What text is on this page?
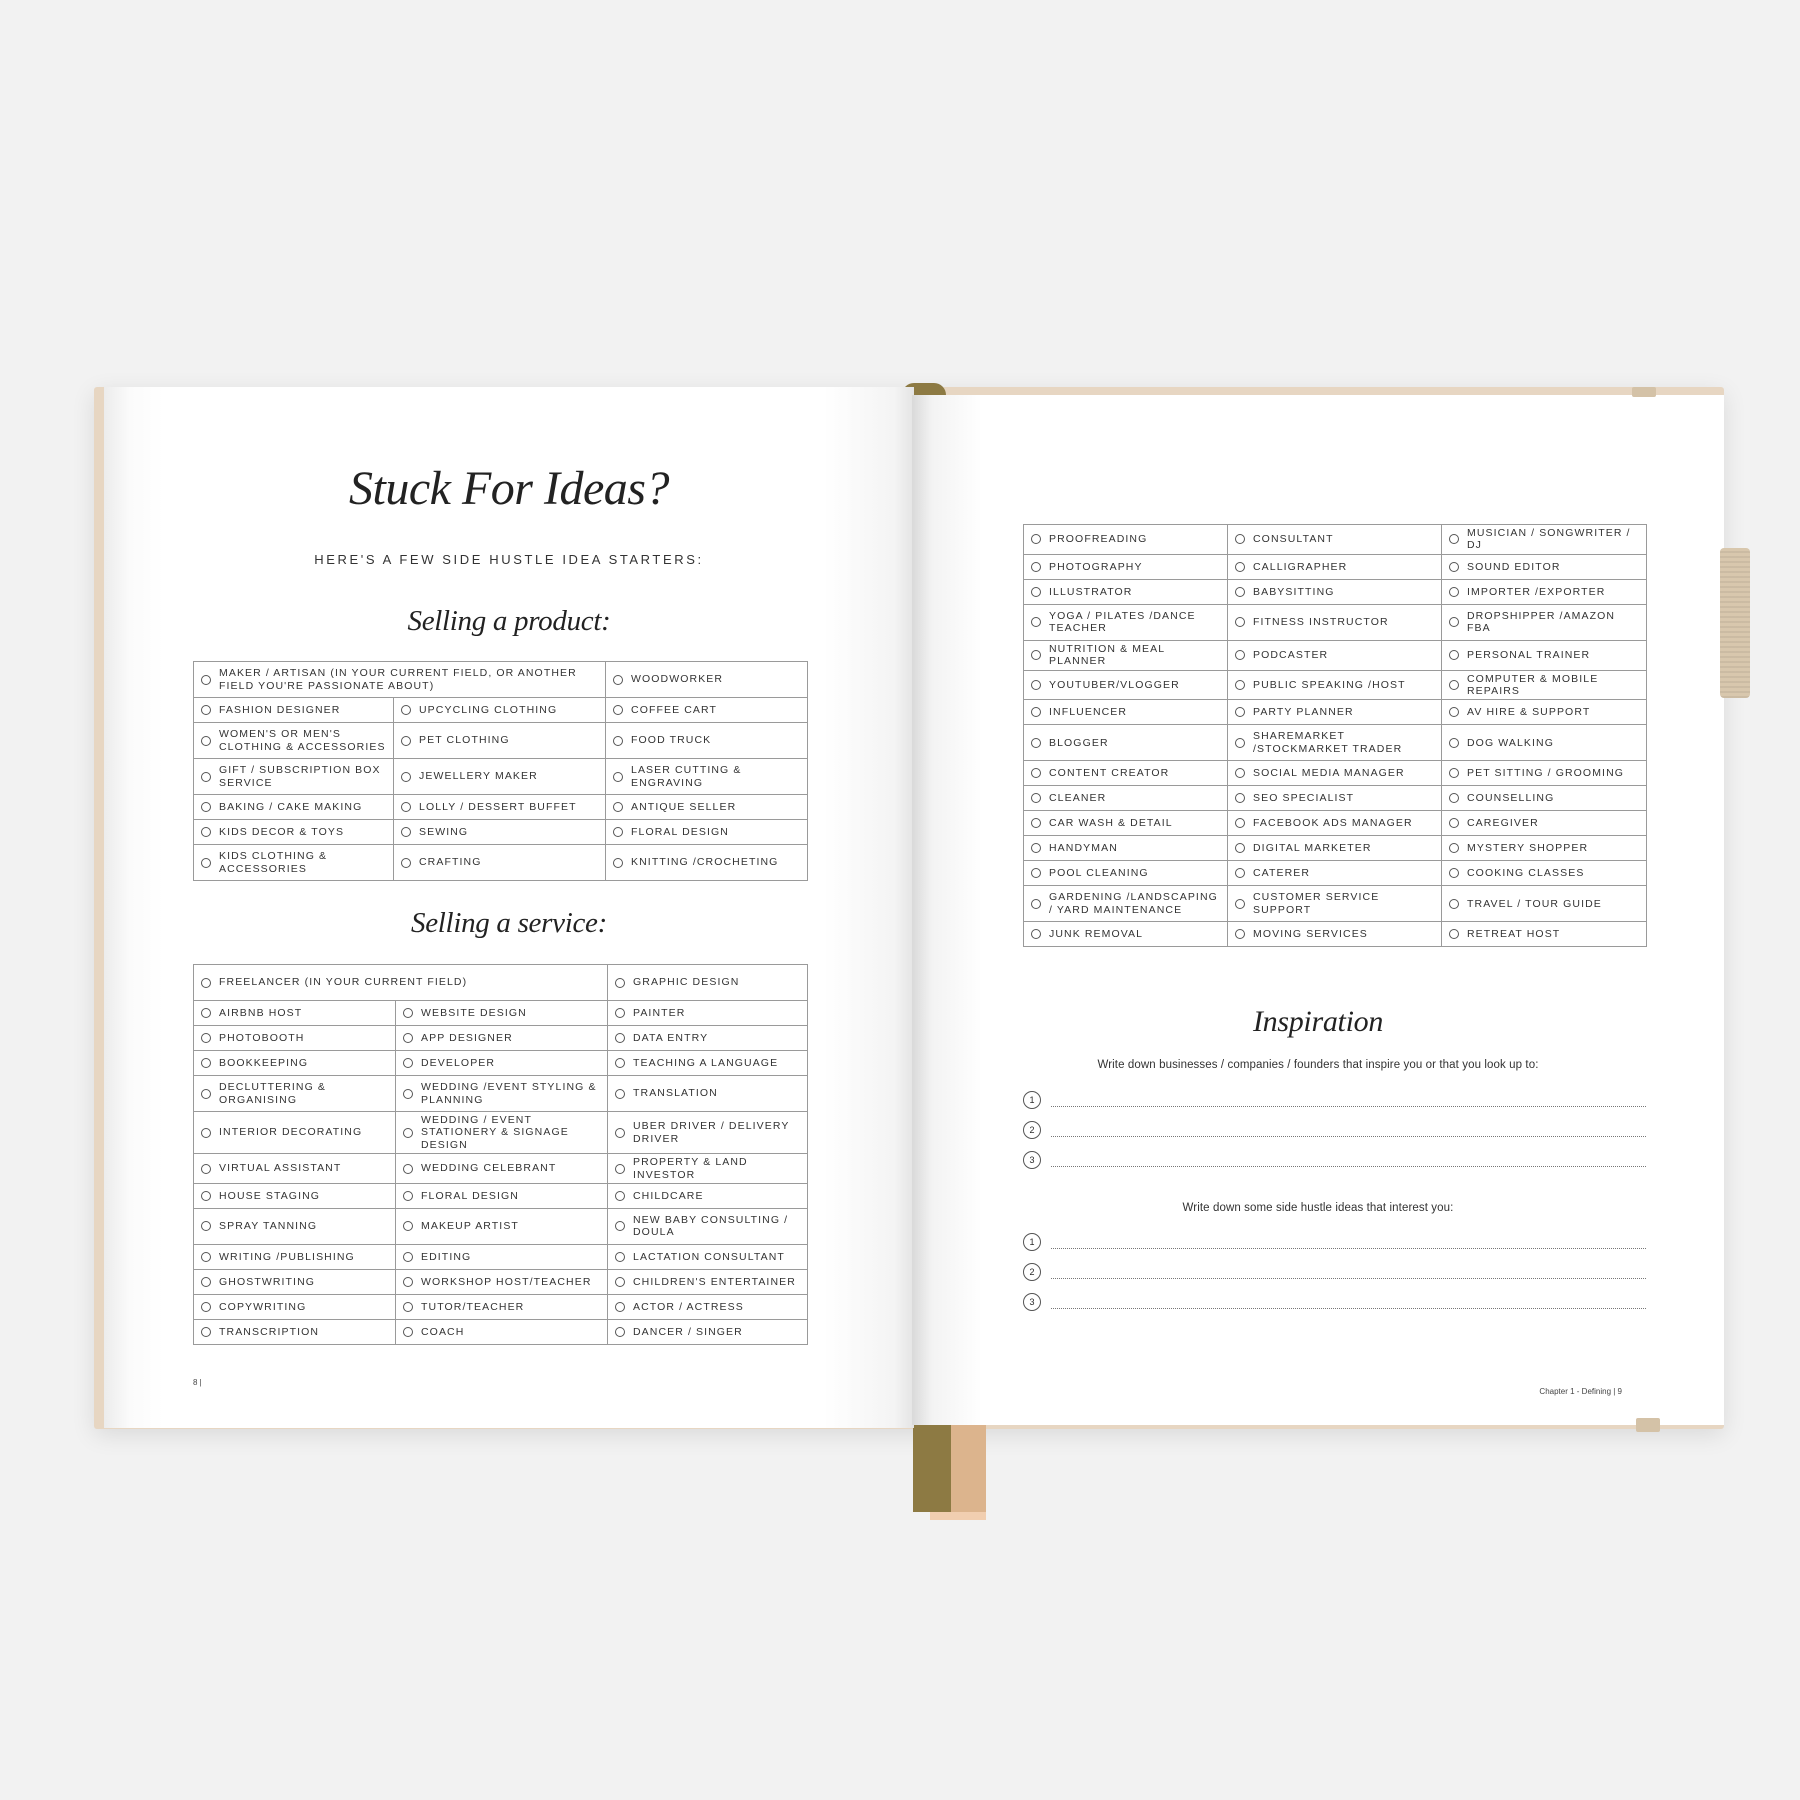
Stuck For Ideas?
HERE'S A FEW SIDE HUSTLE IDEA STARTERS:
Selling a product:
MAKER / ARTISAN (IN YOUR CURRENT FIELD, OR ANOTHER FIELD YOU'RE PASSIONATE ABOUT)		WOODWORKER

FASHION DESIGNER	UPCYCLING CLOTHING	COFFEE CART

WOMEN'S OR MEN'S CLOTHING & ACCESSORIES	PET CLOTHING	FOOD TRUCK

GIFT / SUBSCRIPTION BOX SERVICE	JEWELLERY MAKER	LASER CUTTING & ENGRAVING

BAKING / CAKE MAKING	LOLLY / DESSERT BUFFET	ANTIQUE SELLER

KIDS DECOR & TOYS	SEWING	FLORAL DESIGN

KIDS CLOTHING & ACCESSORIES	CRAFTING	KNITTING /CROCHETING
Selling a service:
FREELANCER (IN YOUR CURRENT FIELD)		GRAPHIC DESIGN

AIRBNB HOST	WEBSITE DESIGN	PAINTER

PHOTOBOOTH	APP DESIGNER	DATA ENTRY

BOOKKEEPING	DEVELOPER	TEACHING A LANGUAGE

DECLUTTERING & ORGANISING	WEDDING /EVENT STYLING & PLANNING	TRANSLATION

INTERIOR DECORATING	WEDDING / EVENT STATIONERY & SIGNAGE DESIGN	UBER DRIVER / DELIVERY DRIVER

VIRTUAL ASSISTANT	WEDDING CELEBRANT	PROPERTY & LAND INVESTOR

HOUSE STAGING	FLORAL DESIGN	CHILDCARE

SPRAY TANNING	MAKEUP ARTIST	NEW BABY CONSULTING / DOULA

WRITING /PUBLISHING	EDITING	LACTATION CONSULTANT

GHOSTWRITING	WORKSHOP HOST/TEACHER	CHILDREN'S ENTERTAINER

COPYWRITING	TUTOR/TEACHER	ACTOR / ACTRESS

TRANSCRIPTION	COACH	DANCER / SINGER
8 |
PROOFREADING	CONSULTANT	MUSICIAN / SONGWRITER / DJ

PHOTOGRAPHY	CALLIGRAPHER	SOUND EDITOR

ILLUSTRATOR	BABYSITTING	IMPORTER /EXPORTER

YOGA / PILATES /DANCE TEACHER	FITNESS INSTRUCTOR	DROPSHIPPER /AMAZON FBA

NUTRITION & MEAL PLANNER	PODCASTER	PERSONAL TRAINER

YOUTUBER/VLOGGER	PUBLIC SPEAKING /HOST	COMPUTER & MOBILE REPAIRS

INFLUENCER	PARTY PLANNER	AV HIRE & SUPPORT

BLOGGER	SHAREMARKET /STOCKMARKET TRADER	DOG WALKING

CONTENT CREATOR	SOCIAL MEDIA MANAGER	PET SITTING / GROOMING

CLEANER	SEO SPECIALIST	COUNSELLING

CAR WASH & DETAIL	FACEBOOK ADS MANAGER	CAREGIVER

HANDYMAN	DIGITAL MARKETER	MYSTERY SHOPPER

POOL CLEANING	CATERER	COOKING CLASSES

GARDENING /LANDSCAPING / YARD MAINTENANCE	CUSTOMER SERVICE SUPPORT	TRAVEL / TOUR GUIDE

JUNK REMOVAL	MOVING SERVICES	RETREAT HOST
Inspiration
Write down businesses / companies / founders that inspire you or that you look up to:
1
2
3
Write down some side hustle ideas that interest you:
1
2
3
Chapter 1 - Defining | 9
